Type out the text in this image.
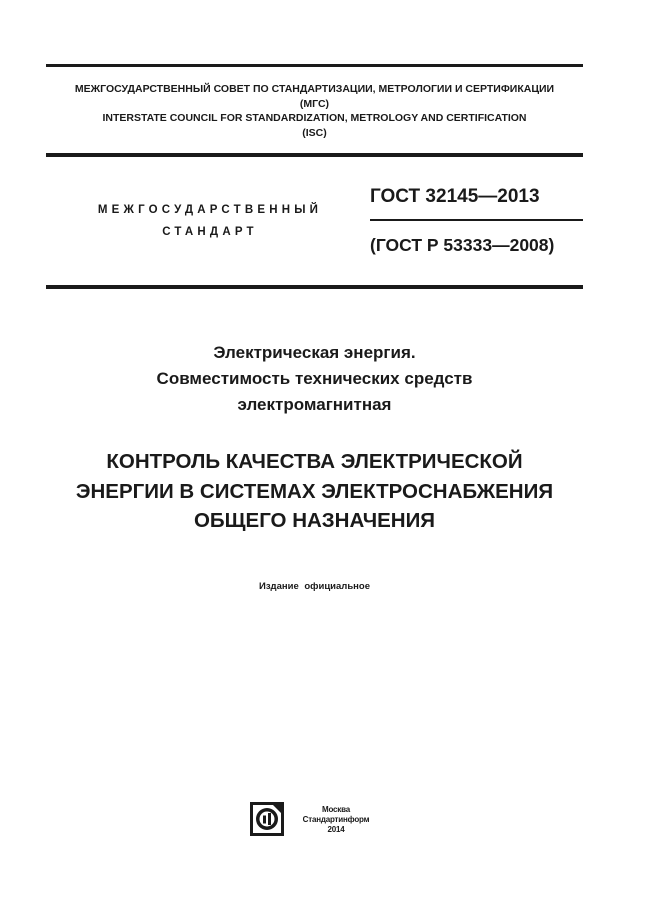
МЕЖГОСУДАРСТВЕННЫЙ СОВЕТ ПО СТАНДАРТИЗАЦИИ, МЕТРОЛОГИИ И СЕРТИФИКАЦИИ
(МГС)
INTERSTATE COUNCIL FOR STANDARDIZATION, METROLOGY AND CERTIFICATION
(ISC)
МЕЖГОСУДАРСТВЕННЫЙ
СТАНДАРТ
ГОСТ 32145—2013
(ГОСТ Р 53333—2008)
Электрическая энергия.
Совместимость технических средств
электромагнитная
КОНТРОЛЬ КАЧЕСТВА ЭЛЕКТРИЧЕСКОЙ
ЭНЕРГИИ В СИСТЕМАХ ЭЛЕКТРОСНАБЖЕНИЯ
ОБЩЕГО НАЗНАЧЕНИЯ
Издание официальное
Москва
Стандартинформ
2014
